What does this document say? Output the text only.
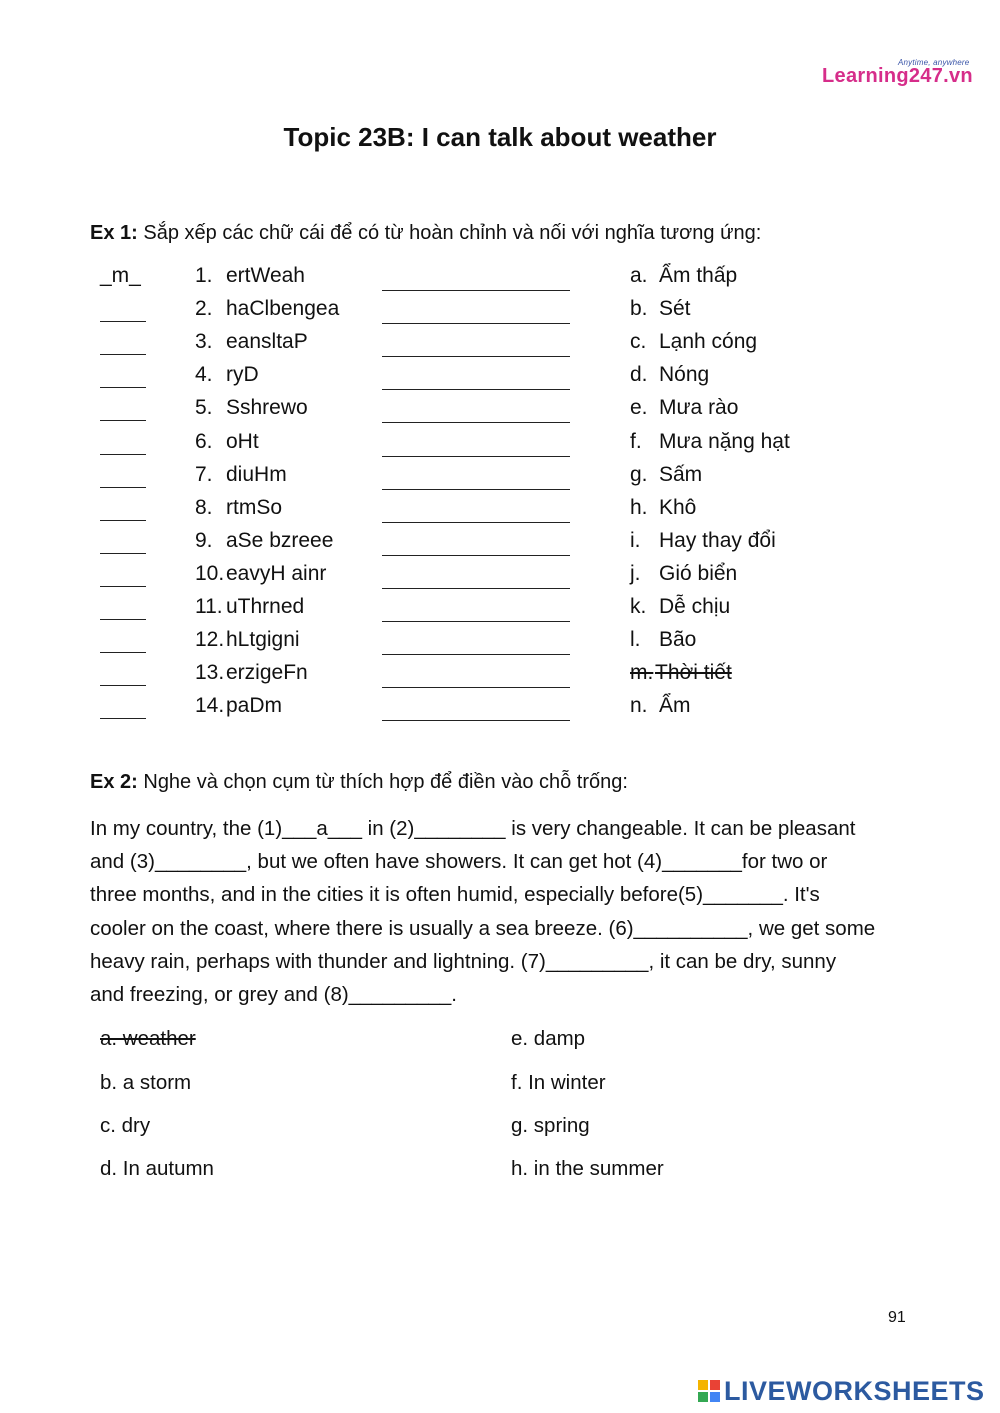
Anytime, anywhere
Learning247.vn
Topic 23B: I can talk about weather
Ex 1: Sắp xếp các chữ cái để có từ hoàn chỉnh và nối với nghĩa tương ứng:
_m_	1. ertWeah	a. Ẩm thấp
2. haClbengea	b. Sét
3. eansltaP	c. Lạnh cóng
4. ryD	d. Nóng
5. Sshrewo	e. Mưa rào
6. oHt	f. Mưa nặng hạt
7. diuHm	g. Sấm
8. rtmSo	h. Khô
9. aSe bzreee	i. Hay thay đổi
10. eavyH ainr	j. Gió biển
11. uThrned	k. Dễ chịu
12. hLtgigni	l. Bão
13. erzigeFn	m. Thời tiết
14. paDm	n. Ẩm
Ex 2: Nghe và chọn cụm từ thích hợp để điền vào chỗ trống:
In my country, the (1)___a___ in (2)________ is very changeable. It can be pleasant
and (3)________, but we often have showers. It can get hot (4)_______for two or
three months, and in the cities it is often humid, especially before(5)_______. It's
cooler on the coast, where there is usually a sea breeze. (6)__________, we get some
heavy rain, perhaps with thunder and lightning. (7)_________, it can be dry, sunny
and freezing, or grey and (8)_________.
a. weather
b. a storm
c. dry
d. In autumn
e. damp
f. In winter
g. spring
h. in the summer
91
LIVEWORKSHEETS
